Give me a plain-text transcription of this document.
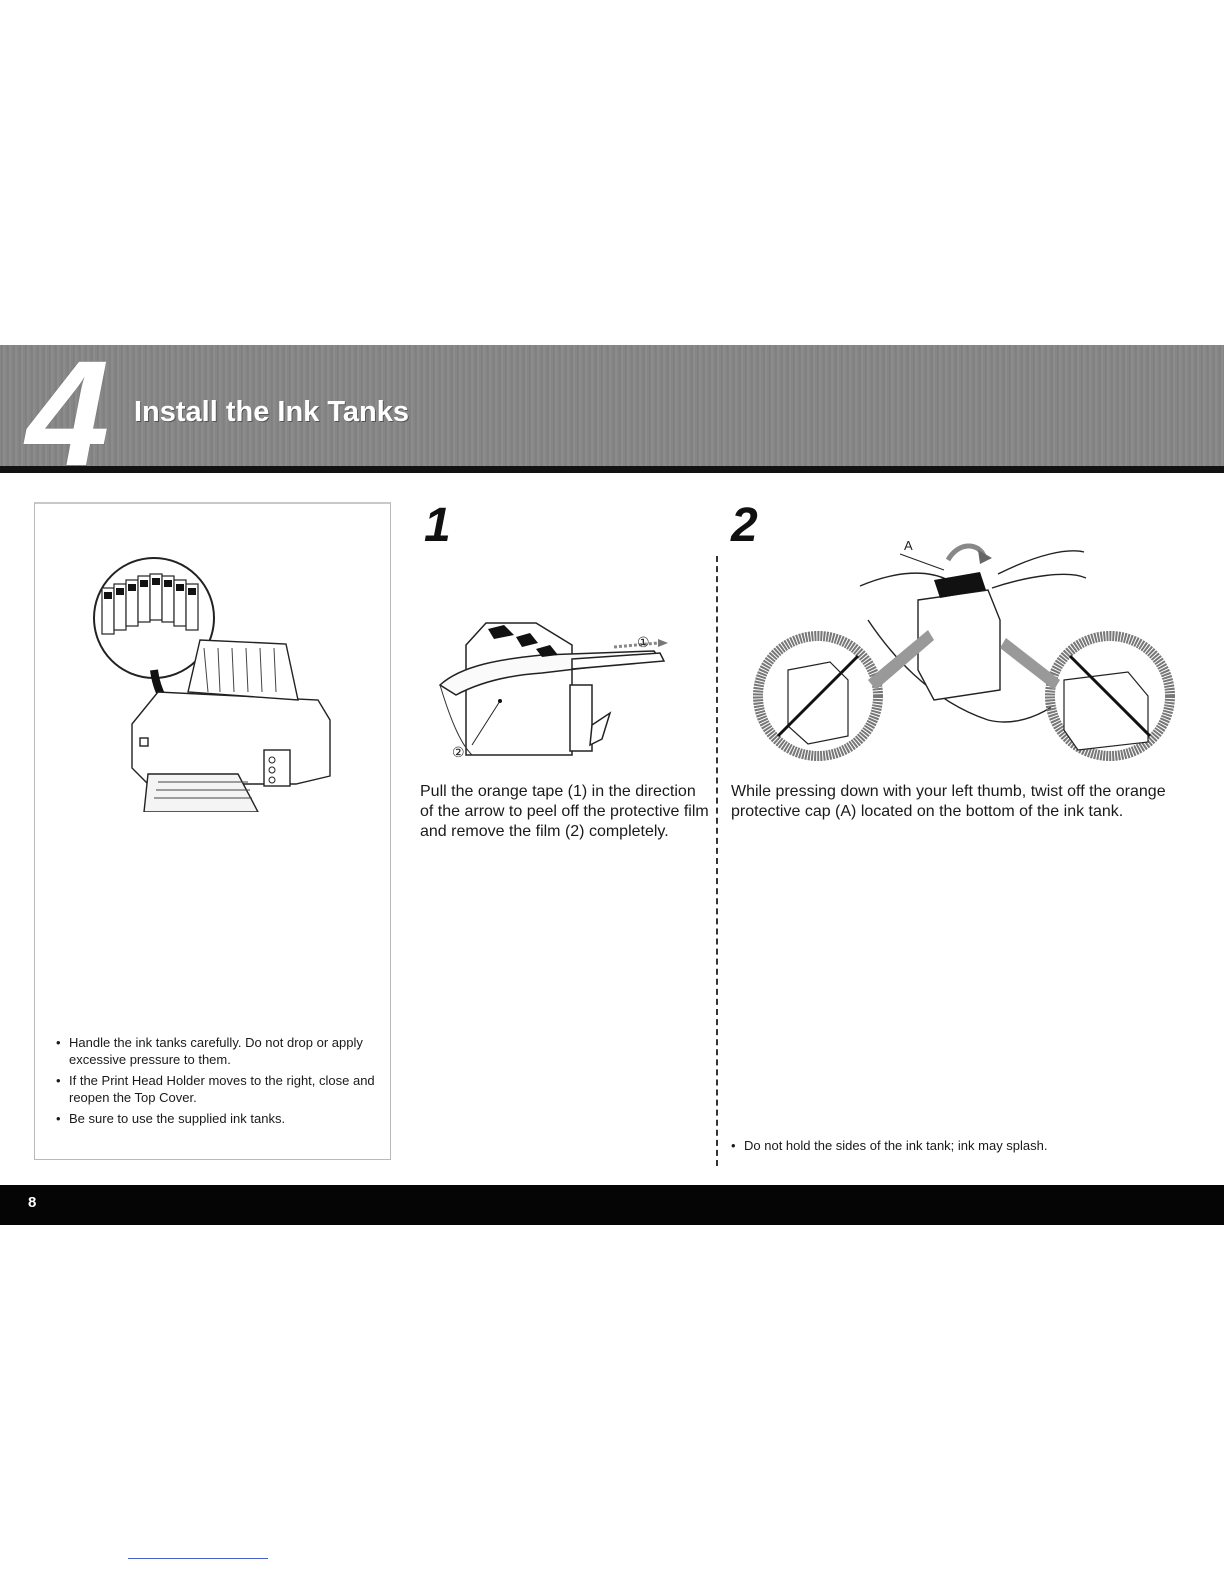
4 Install the Ink Tanks
• Handle the ink tanks carefully. Do not drop or apply excessive pressure to them.
• If the Print Head Holder moves to the right, close and reopen the Top Cover.
• Be sure to use the supplied ink tanks.
1
①
②
Pull the orange tape (1) in the direction of the arrow to peel off the protective film and remove the film (2) completely.
2	A
While pressing down with your left thumb, twist off the orange protective cap (A) located on the bottom of the ink tank.
• Do not hold the sides of the ink tank; ink may splash.
8
